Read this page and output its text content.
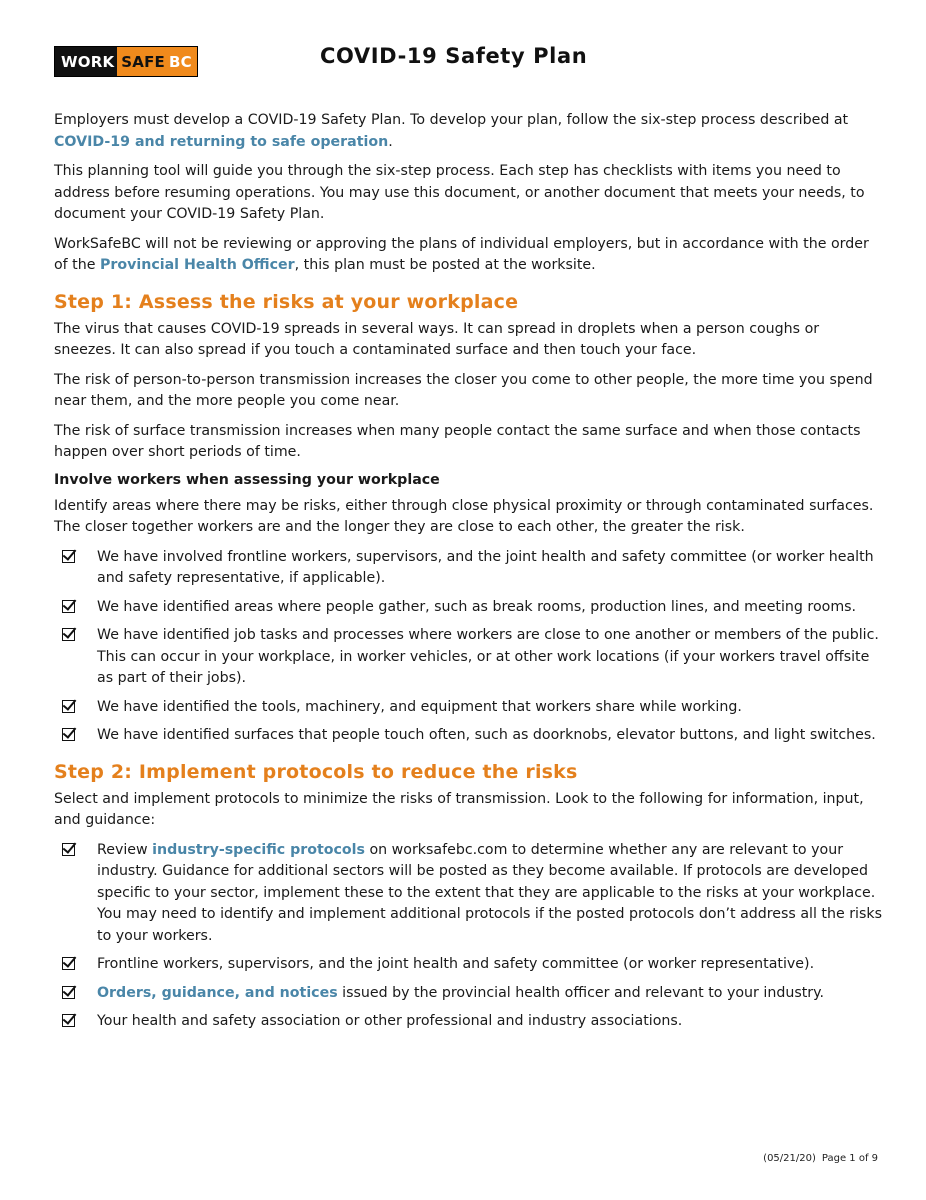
WORK SAFE BC	COVID-19 Safety Plan

Employers must develop a COVID-19 Safety Plan. To develop your plan, follow the six-step process described at COVID-19 and returning to safe operation.

This planning tool will guide you through the six-step process. Each step has checklists with items you need to address before resuming operations. You may use this document, or another document that meets your needs, to document your COVID-19 Safety Plan.

WorkSafeBC will not be reviewing or approving the plans of individual employers, but in accordance with the order of the Provincial Health Officer, this plan must be posted at the worksite.

Step 1: Assess the risks at your workplace

The virus that causes COVID-19 spreads in several ways. It can spread in droplets when a person coughs or sneezes. It can also spread if you touch a contaminated surface and then touch your face.

The risk of person-to-person transmission increases the closer you come to other people, the more time you spend near them, and the more people you come near.

The risk of surface transmission increases when many people contact the same surface and when those contacts happen over short periods of time.

Involve workers when assessing your workplace

Identify areas where there may be risks, either through close physical proximity or through contaminated surfaces. The closer together workers are and the longer they are close to each other, the greater the risk.

We have involved frontline workers, supervisors, and the joint health and safety committee (or worker health and safety representative, if applicable).
We have identified areas where people gather, such as break rooms, production lines, and meeting rooms.
We have identified job tasks and processes where workers are close to one another or members of the public. This can occur in your workplace, in worker vehicles, or at other work locations (if your workers travel offsite as part of their jobs).
We have identified the tools, machinery, and equipment that workers share while working.
We have identified surfaces that people touch often, such as doorknobs, elevator buttons, and light switches.
Step 2: Implement protocols to reduce the risks

Select and implement protocols to minimize the risks of transmission. Look to the following for information, input, and guidance:

Review industry-specific protocols on worksafebc.com to determine whether any are relevant to your industry. Guidance for additional sectors will be posted as they become available. If protocols are developed specific to your sector, implement these to the extent that they are applicable to the risks at your workplace. You may need to identify and implement additional protocols if the posted protocols don’t address all the risks to your workers.
Frontline workers, supervisors, and the joint health and safety committee (or worker representative).
Orders, guidance, and notices issued by the provincial health officer and relevant to your industry.
Your health and safety association or other professional and industry associations.
(05/21/20) Page 1 of 9
